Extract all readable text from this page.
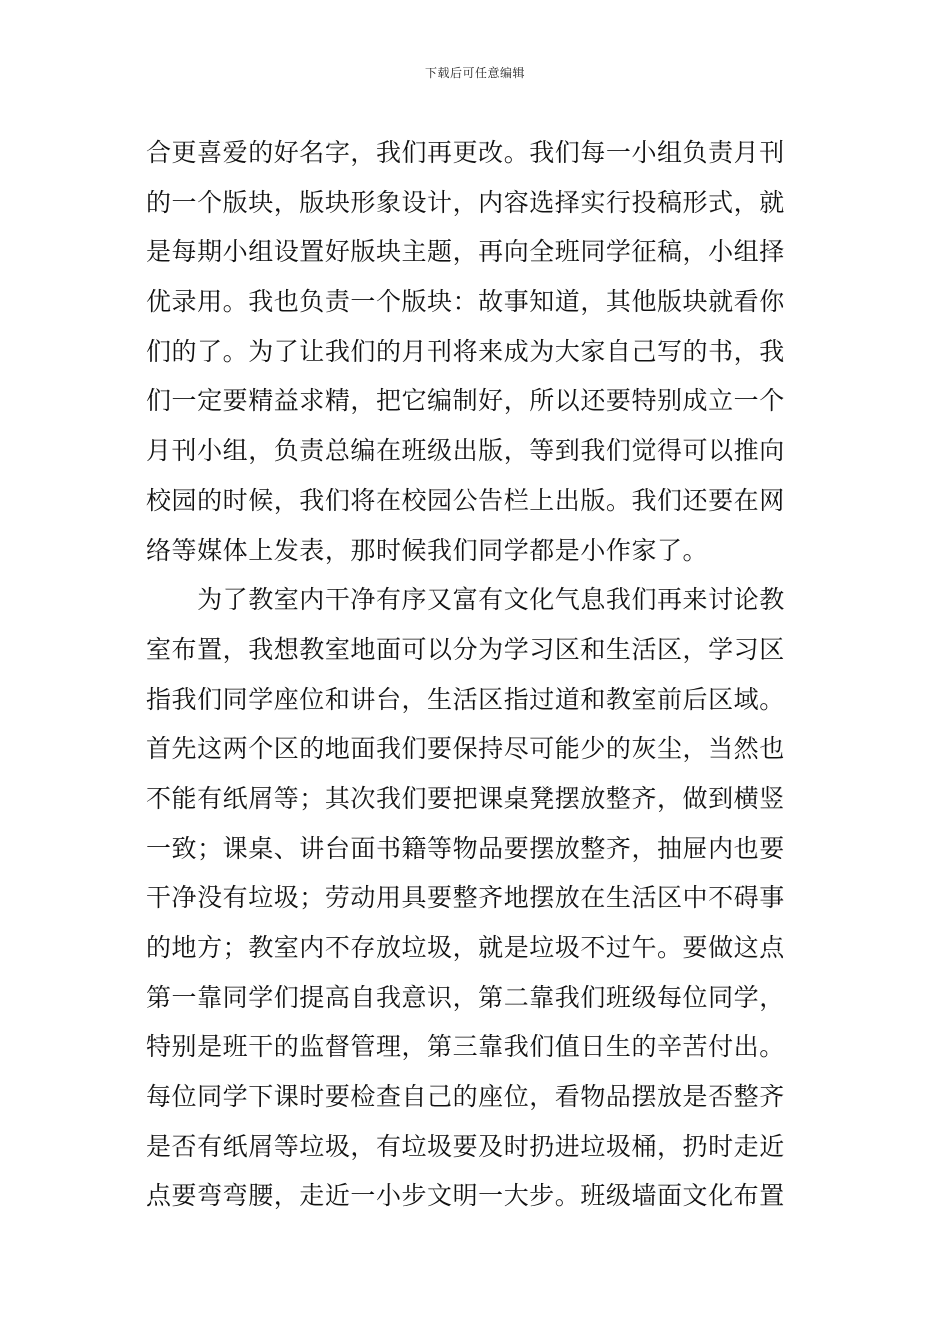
下载后可任意编辑
合更喜爱的好名字，我们再更改。我们每一小组负责月刊
的一个版块，版块形象设计，内容选择实行投稿形式，就
是每期小组设置好版块主题，再向全班同学征稿，小组择
优录用。我也负责一个版块：故事知道，其他版块就看你
们的了。为了让我们的月刊将来成为大家自己写的书，我
们一定要精益求精，把它编制好，所以还要特别成立一个
月刊小组，负责总编在班级出版，等到我们觉得可以推向
校园的时候，我们将在校园公告栏上出版。我们还要在网
络等媒体上发表，那时候我们同学都是小作家了。
　　为了教室内干净有序又富有文化气息我们再来讨论教
室布置，我想教室地面可以分为学习区和生活区，学习区
指我们同学座位和讲台，生活区指过道和教室前后区域。
首先这两个区的地面我们要保持尽可能少的灰尘，当然也
不能有纸屑等；其次我们要把课桌凳摆放整齐，做到横竖
一致；课桌、讲台面书籍等物品要摆放整齐，抽屉内也要
干净没有垃圾；劳动用具要整齐地摆放在生活区中不碍事
的地方；教室内不存放垃圾，就是垃圾不过午。要做这点
第一靠同学们提高自我意识，第二靠我们班级每位同学，
特别是班干的监督管理，第三靠我们值日生的辛苦付出。
每位同学下课时要检查自己的座位，看物品摆放是否整齐
是否有纸屑等垃圾，有垃圾要及时扔进垃圾桶，扔时走近
点要弯弯腰，走近一小步文明一大步。班级墙面文化布置
